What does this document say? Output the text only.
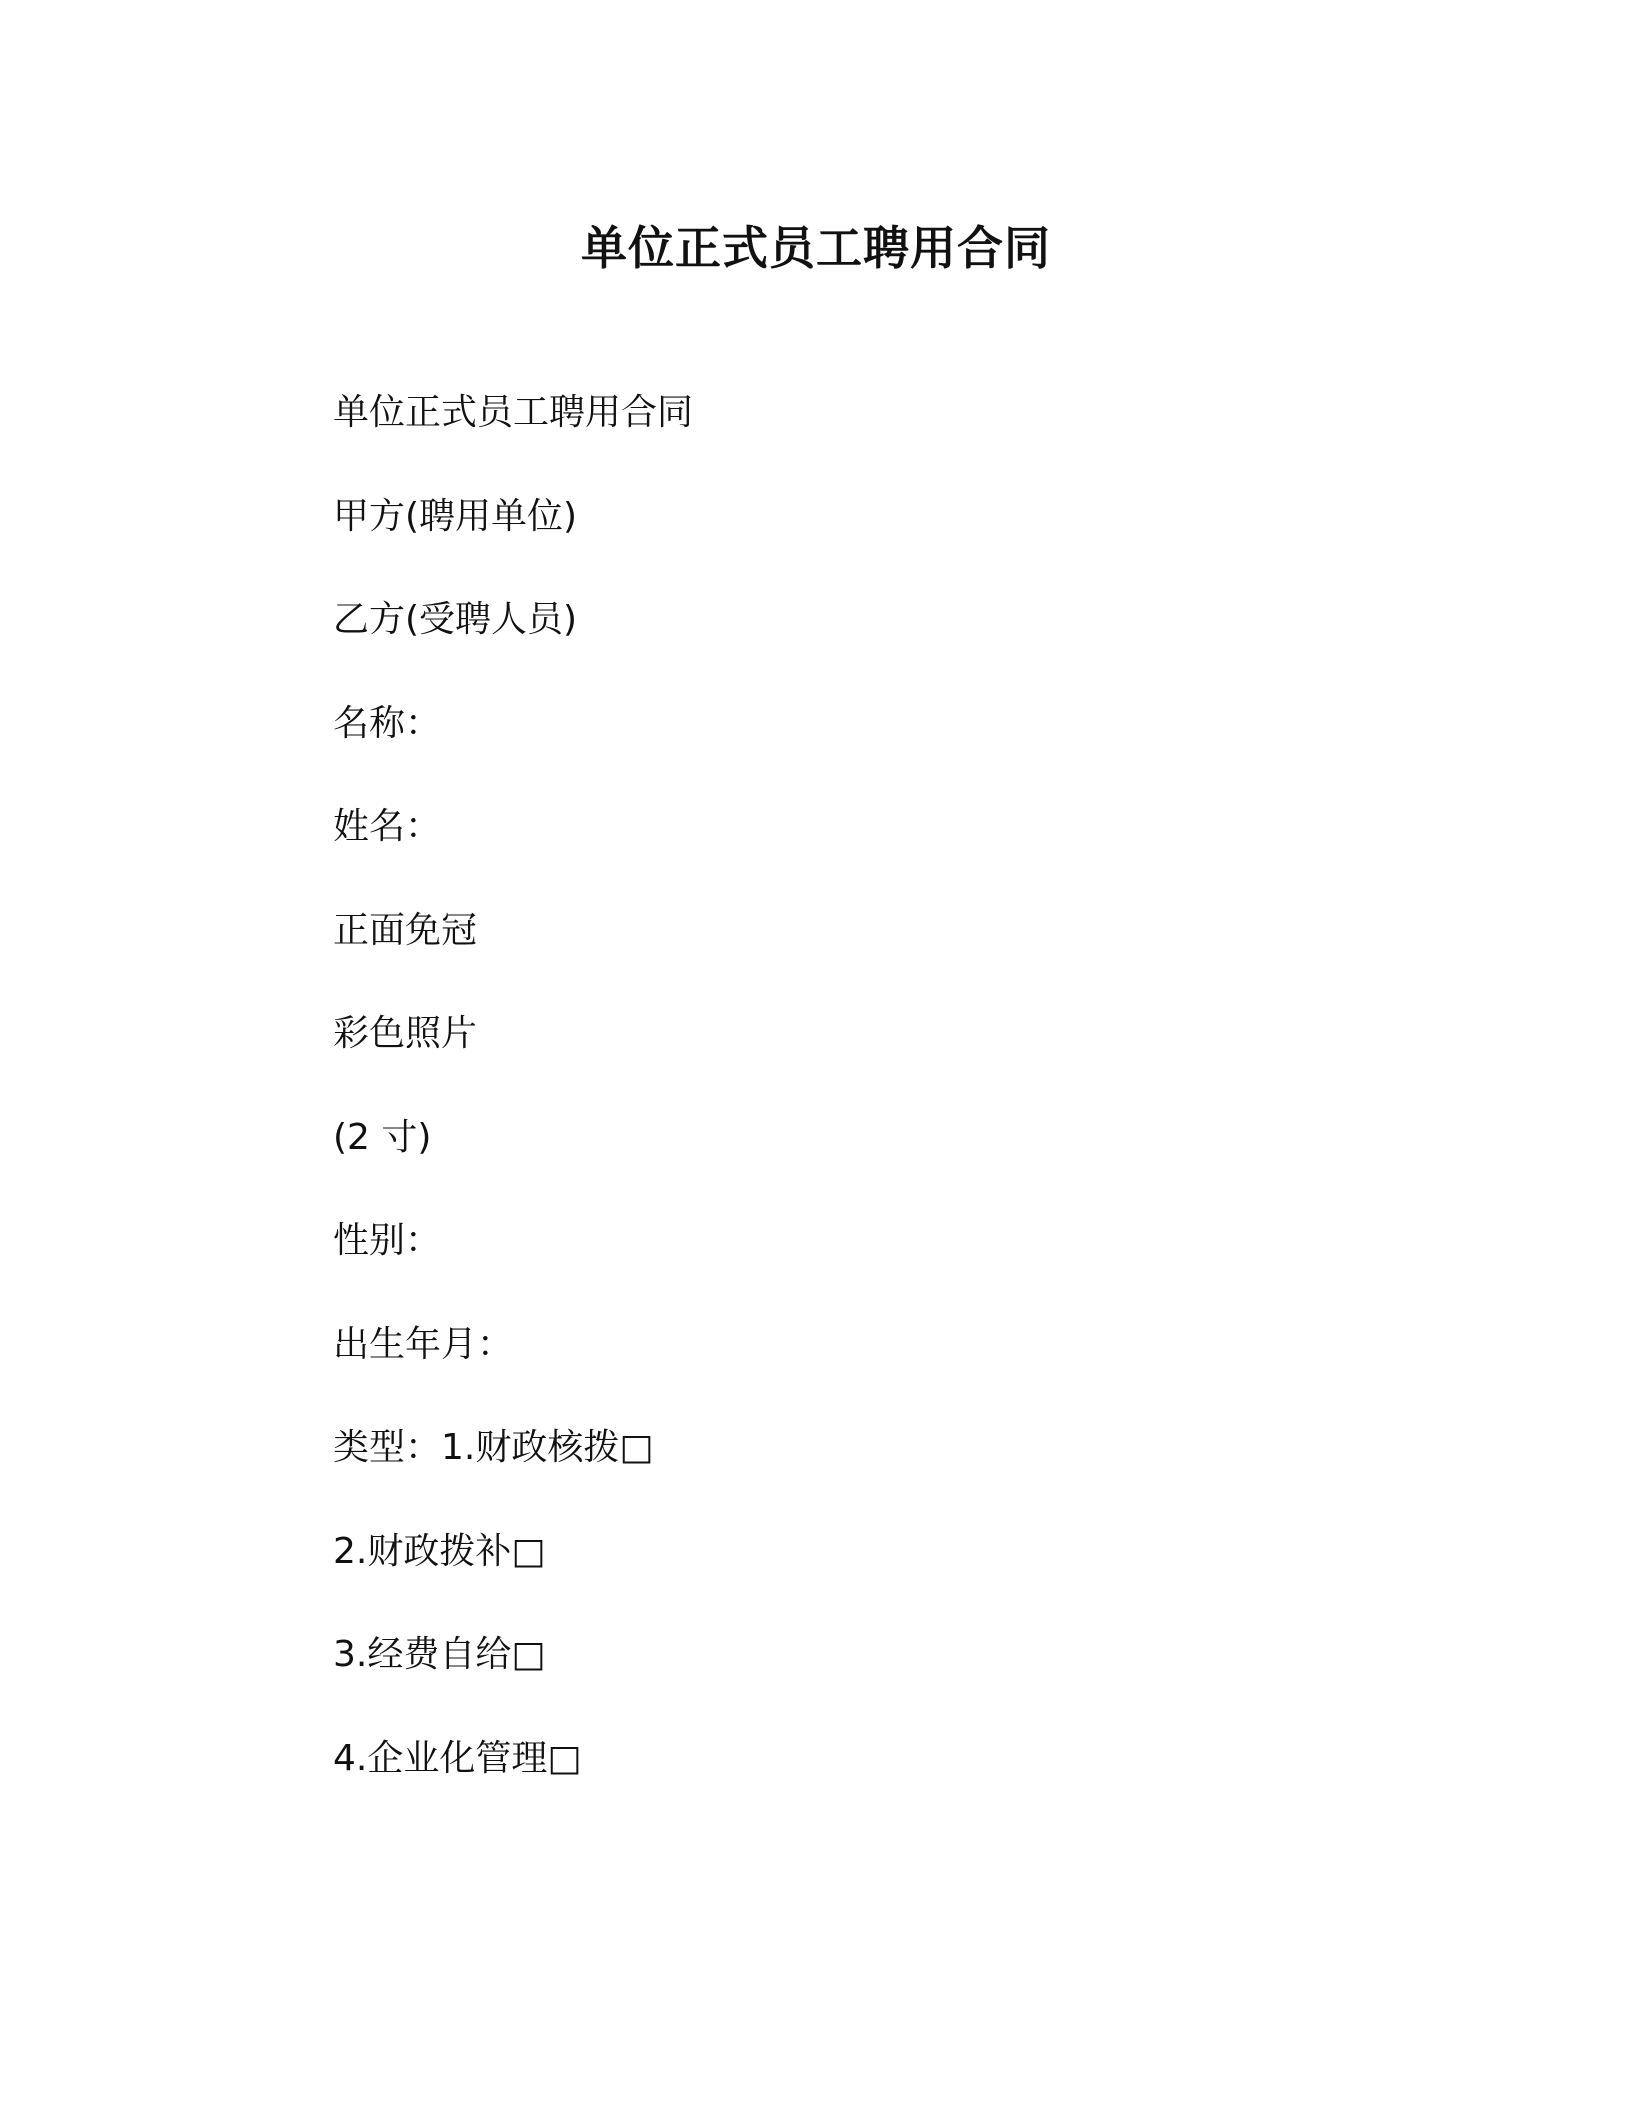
单位正式员工聘用合同

单位正式员工聘用合同

甲方(聘用单位)

乙方(受聘人员)

名称：

姓名：

正面免冠

彩色照片

(2 寸)

性别：

出生年月：

类型：1.财政核拨□

2.财政拨补□

3.经费自给□

4.企业化管理□
